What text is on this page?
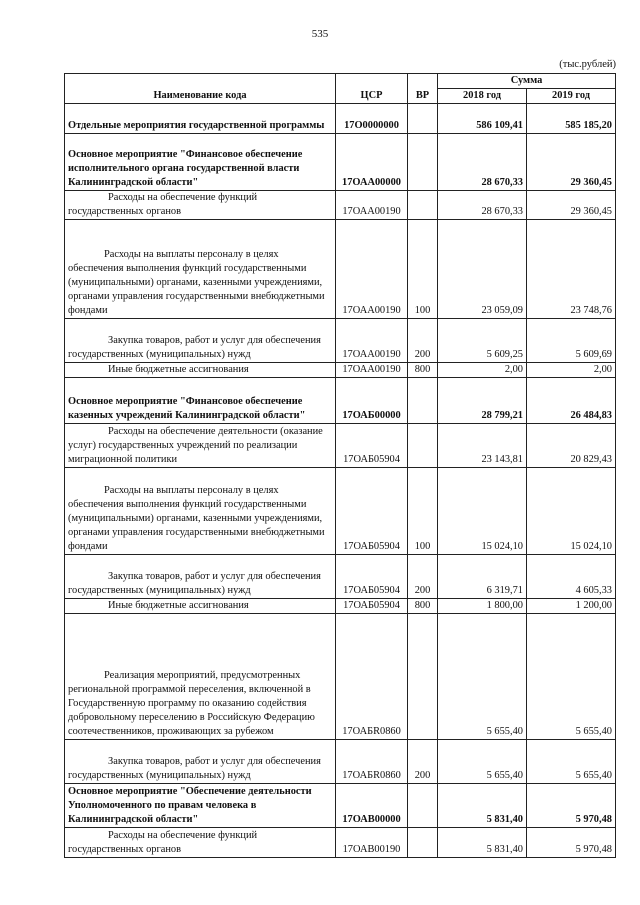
535
(тыс.рублей)
Наименование кода	ЦСР	ВР	Сумма	
			2018 год	2019 год
Отдельные мероприятия государственной программы	17О0000000		586 109,41	585 185,20
Основное мероприятие "Финансовое обеспечение исполнительного органа государственной власти Калининградской области"	17ОАА00000		28 670,33	29 360,45
Расходы на обеспечение функций государственных органов	17ОАА00190		28 670,33	29 360,45
Расходы на выплаты персоналу в целях обеспечения выполнения функций государственными (муниципальными) органами, казенными учреждениями, органами управления государственными внебюджетными фондами	17ОАА00190	100	23 059,09	23 748,76
Закупка товаров, работ и услуг для обеспечения государственных (муниципальных) нужд	17ОАА00190	200	5 609,25	5 609,69
Иные бюджетные ассигнования	17ОАА00190	800	2,00	2,00
Основное мероприятие "Финансовое обеспечение казенных учреждений Калининградской области"	17ОАБ00000		28 799,21	26 484,83
Расходы на обеспечение деятельности (оказание услуг) государственных учреждений по реализации миграционной политики	17ОАБ05904		23 143,81	20 829,43
Расходы на выплаты персоналу в целях обеспечения выполнения функций государственными (муниципальными) органами, казенными учреждениями, органами управления государственными внебюджетными фондами	17ОАБ05904	100	15 024,10	15 024,10
Закупка товаров, работ и услуг для обеспечения государственных (муниципальных) нужд	17ОАБ05904	200	6 319,71	4 605,33
Иные бюджетные ассигнования	17ОАБ05904	800	1 800,00	1 200,00
Реализация мероприятий, предусмотренных региональной программой переселения, включенной в Государственную программу по оказанию содействия добровольному переселению в Российскую Федерацию соотечественников, проживающих за рубежом	17ОАБR0860		5 655,40	5 655,40
Закупка товаров, работ и услуг для обеспечения государственных (муниципальных) нужд	17ОАБR0860	200	5 655,40	5 655,40
Основное мероприятие "Обеспечение деятельности Уполномоченного по правам человека в Калининградской области"	17ОАВ00000		5 831,40	5 970,48
Расходы на обеспечение функций государственных органов	17ОАВ00190		5 831,40	5 970,48
